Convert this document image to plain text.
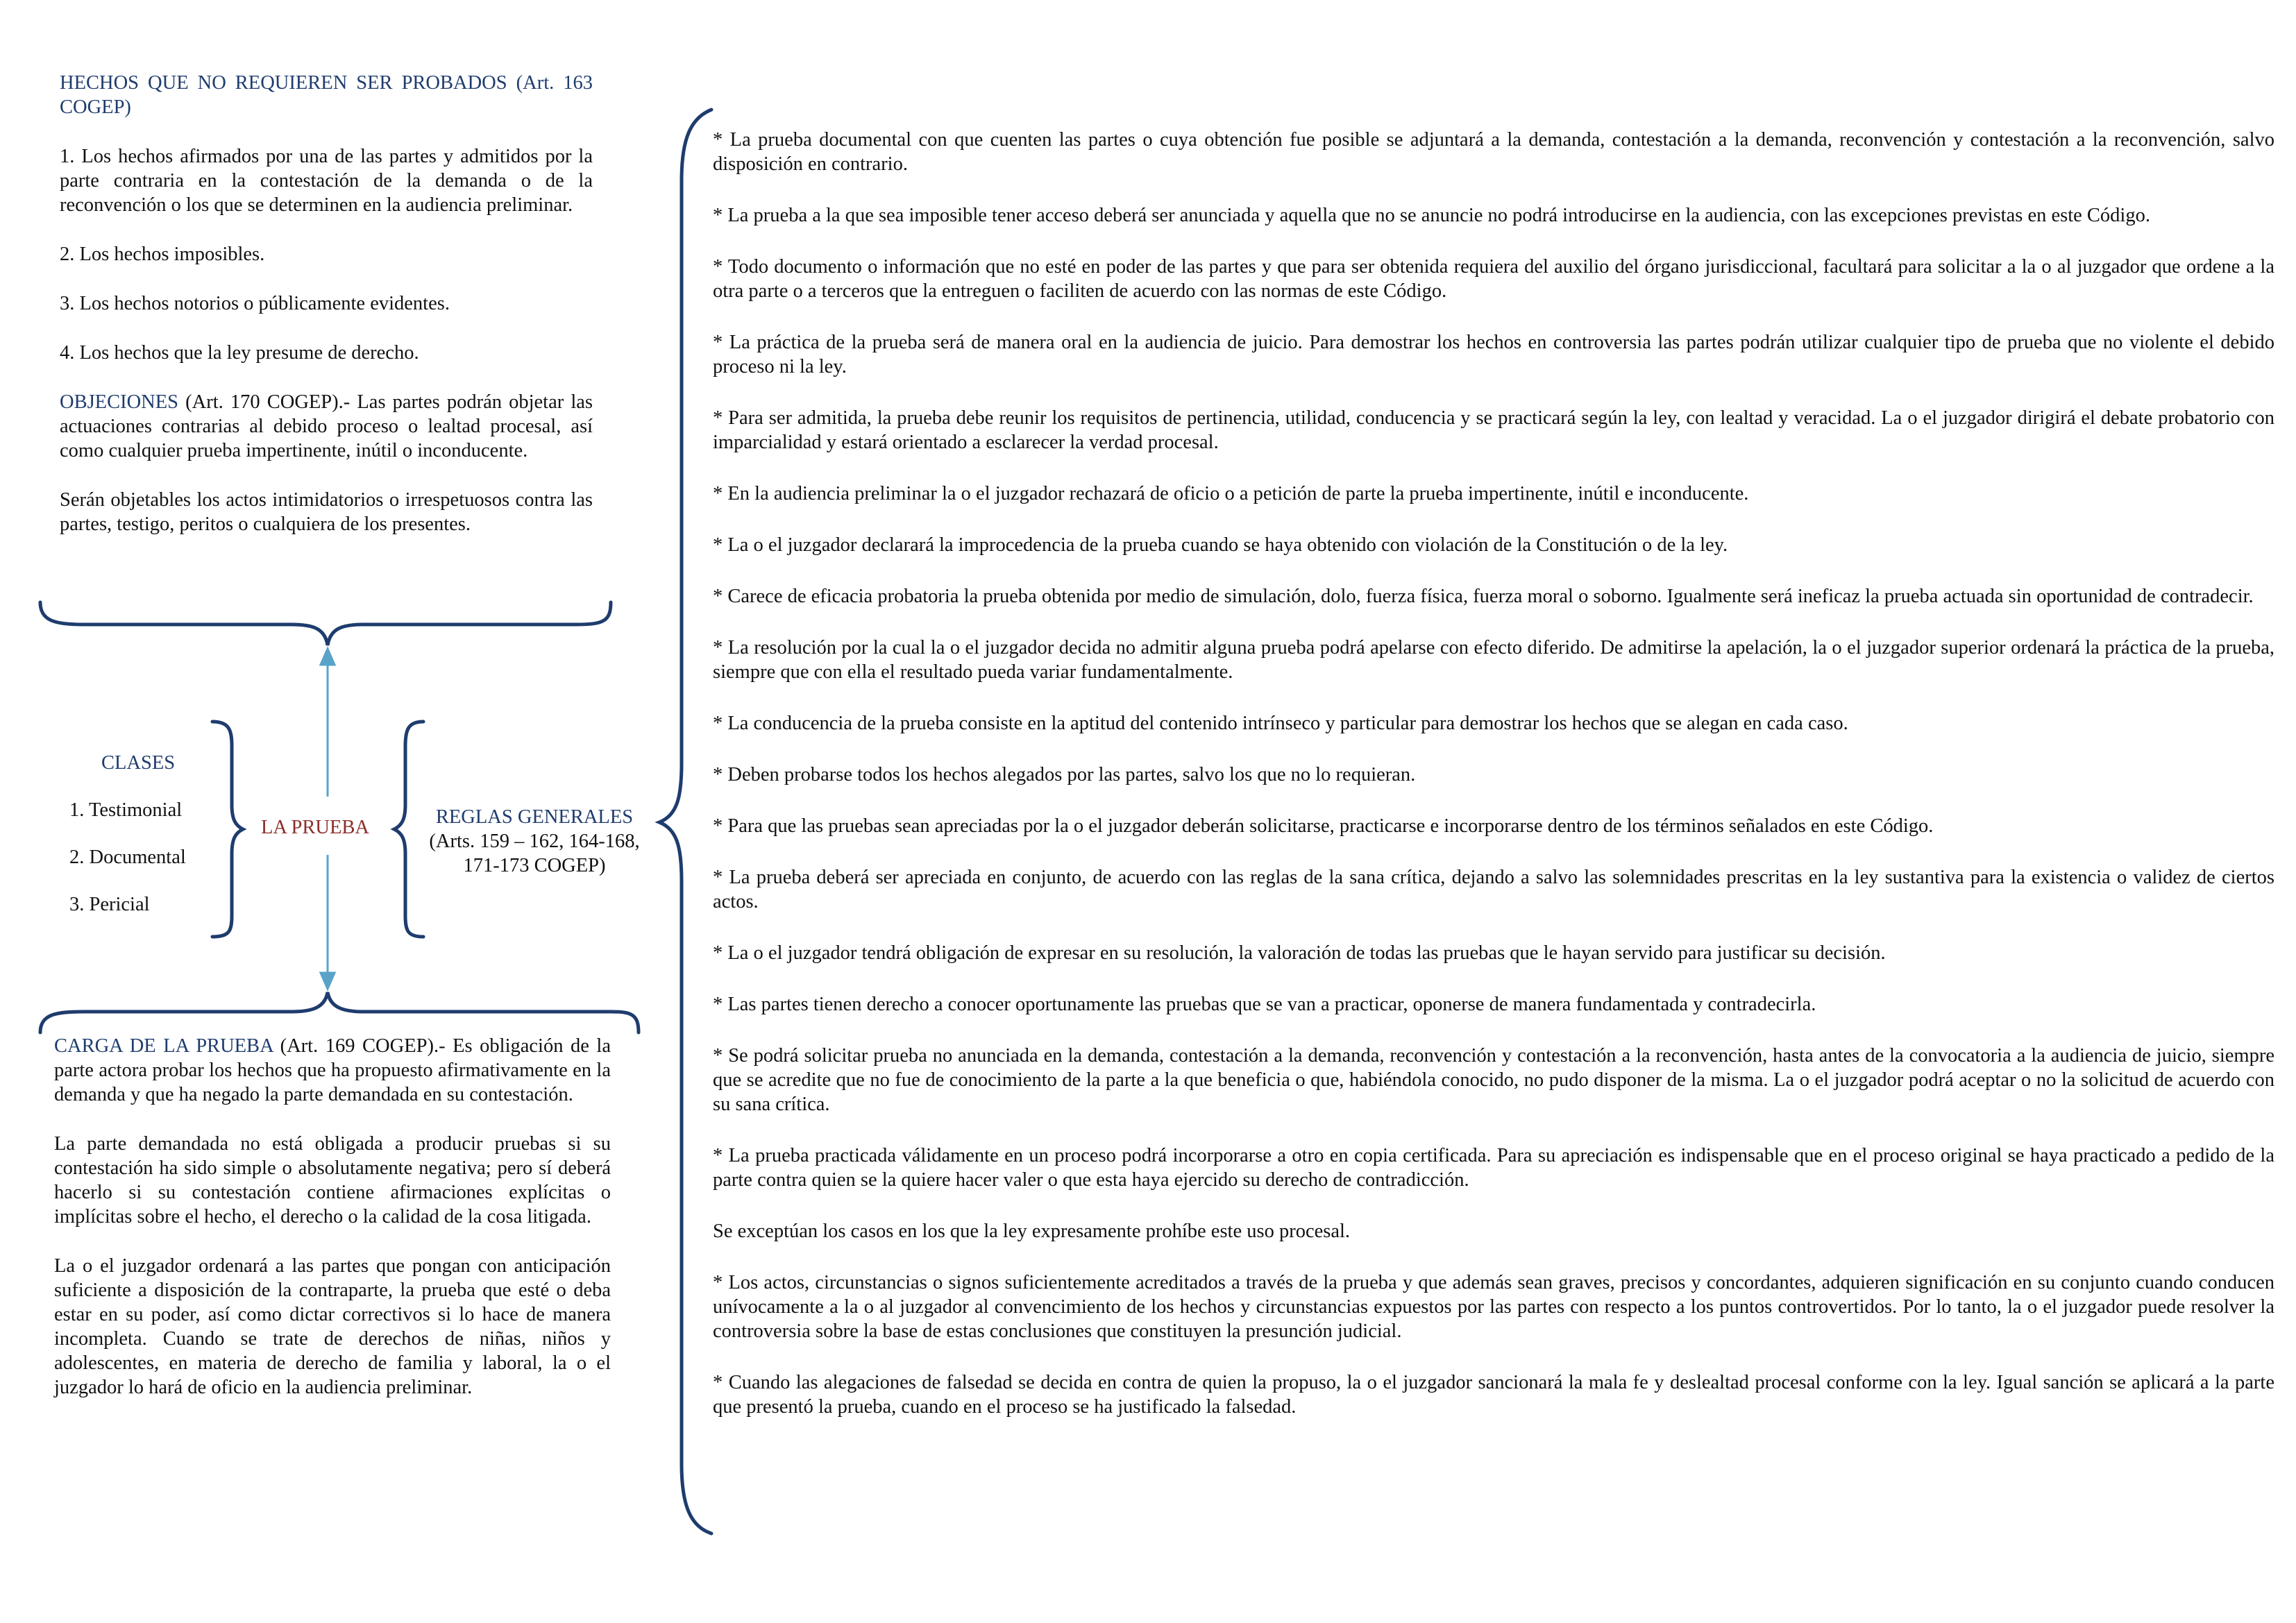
HECHOS QUE NO REQUIEREN SER PROBADOS (Art. 163 COGEP)

1. Los hechos afirmados por una de las partes y admitidos por la parte contraria en la contestación de la demanda o de la reconvención o los que se determinen en la audiencia preliminar.

2. Los hechos imposibles.

3. Los hechos notorios o públicamente evidentes.

4. Los hechos que la ley presume de derecho.

OBJECIONES (Art. 170 COGEP).- Las partes podrán objetar las actuaciones contrarias al debido proceso o lealtad procesal, así como cualquier prueba impertinente, inútil o inconducente.

Serán objetables los actos intimidatorios o irrespetuosos contra las partes, testigo, peritos o cualquiera de los presentes.

CLASES
1. Testimonial
2. Documental
3. Pericial
LA PRUEBA	REGLAS GENERALES
(Arts. 159 – 162, 164-168,
171-173 COGEP)

CARGA DE LA PRUEBA (Art. 169 COGEP).- Es obligación de la parte actora probar los hechos que ha propuesto afirmativamente en la demanda y que ha negado la parte demandada en su contestación.

La parte demandada no está obligada a producir pruebas si su contestación ha sido simple o absolutamente negativa; pero sí deberá hacerlo si su contestación contiene afirmaciones explícitas o implícitas sobre el hecho, el derecho o la calidad de la cosa litigada.

La o el juzgador ordenará a las partes que pongan con anticipación suficiente a disposición de la contraparte, la prueba que esté o deba estar en su poder, así como dictar correctivos si lo hace de manera incompleta. Cuando se trate de derechos de niñas, niños y adolescentes, en materia de derecho de familia y laboral, la o el juzgador lo hará de oficio en la audiencia preliminar.

* La prueba documental con que cuenten las partes o cuya obtención fue posible se adjuntará a la demanda, contestación a la demanda, reconvención y contestación a la reconvención, salvo disposición en contrario.

* La prueba a la que sea imposible tener acceso deberá ser anunciada y aquella que no se anuncie no podrá introducirse en la audiencia, con las excepciones previstas en este Código.

* Todo documento o información que no esté en poder de las partes y que para ser obtenida requiera del auxilio del órgano jurisdiccional, facultará para solicitar a la o al juzgador que ordene a la otra parte o a terceros que la entreguen o faciliten de acuerdo con las normas de este Código.

* La práctica de la prueba será de manera oral en la audiencia de juicio. Para demostrar los hechos en controversia las partes podrán utilizar cualquier tipo de prueba que no violente el debido proceso ni la ley.

* Para ser admitida, la prueba debe reunir los requisitos de pertinencia, utilidad, conducencia y se practicará según la ley, con lealtad y veracidad. La o el juzgador dirigirá el debate probatorio con imparcialidad y estará orientado a esclarecer la verdad procesal.

* En la audiencia preliminar la o el juzgador rechazará de oficio o a petición de parte la prueba impertinente, inútil e inconducente.

* La o el juzgador declarará la improcedencia de la prueba cuando se haya obtenido con violación de la Constitución o de la ley.

* Carece de eficacia probatoria la prueba obtenida por medio de simulación, dolo, fuerza física, fuerza moral o soborno. Igualmente será ineficaz la prueba actuada sin oportunidad de contradecir.

* La resolución por la cual la o el juzgador decida no admitir alguna prueba podrá apelarse con efecto diferido. De admitirse la apelación, la o el juzgador superior ordenará la práctica de la prueba, siempre que con ella el resultado pueda variar fundamentalmente.

* La conducencia de la prueba consiste en la aptitud del contenido intrínseco y particular para demostrar los hechos que se alegan en cada caso.

* Deben probarse todos los hechos alegados por las partes, salvo los que no lo requieran.

* Para que las pruebas sean apreciadas por la o el juzgador deberán solicitarse, practicarse e incorporarse dentro de los términos señalados en este Código.

* La prueba deberá ser apreciada en conjunto, de acuerdo con las reglas de la sana crítica, dejando a salvo las solemnidades prescritas en la ley sustantiva para la existencia o validez de ciertos actos.

* La o el juzgador tendrá obligación de expresar en su resolución, la valoración de todas las pruebas que le hayan servido para justificar su decisión.

* Las partes tienen derecho a conocer oportunamente las pruebas que se van a practicar, oponerse de manera fundamentada y contradecirla.

* Se podrá solicitar prueba no anunciada en la demanda, contestación a la demanda, reconvención y contestación a la reconvención, hasta antes de la convocatoria a la audiencia de juicio, siempre que se acredite que no fue de conocimiento de la parte a la que beneficia o que, habiéndola conocido, no pudo disponer de la misma. La o el juzgador podrá aceptar o no la solicitud de acuerdo con su sana crítica.

* La prueba practicada válidamente en un proceso podrá incorporarse a otro en copia certificada. Para su apreciación es indispensable que en el proceso original se haya practicado a pedido de la parte contra quien se la quiere hacer valer o que esta haya ejercido su derecho de contradicción.

Se exceptúan los casos en los que la ley expresamente prohíbe este uso procesal.

* Los actos, circunstancias o signos suficientemente acreditados a través de la prueba y que además sean graves, precisos y concordantes, adquieren significación en su conjunto cuando conducen unívocamente a la o al juzgador al convencimiento de los hechos y circunstancias expuestos por las partes con respecto a los puntos controvertidos. Por lo tanto, la o el juzgador puede resolver la controversia sobre la base de estas conclusiones que constituyen la presunción judicial.

* Cuando las alegaciones de falsedad se decida en contra de quien la propuso, la o el juzgador sancionará la mala fe y deslealtad procesal conforme con la ley. Igual sanción se aplicará a la parte que presentó la prueba, cuando en el proceso se ha justificado la falsedad.
